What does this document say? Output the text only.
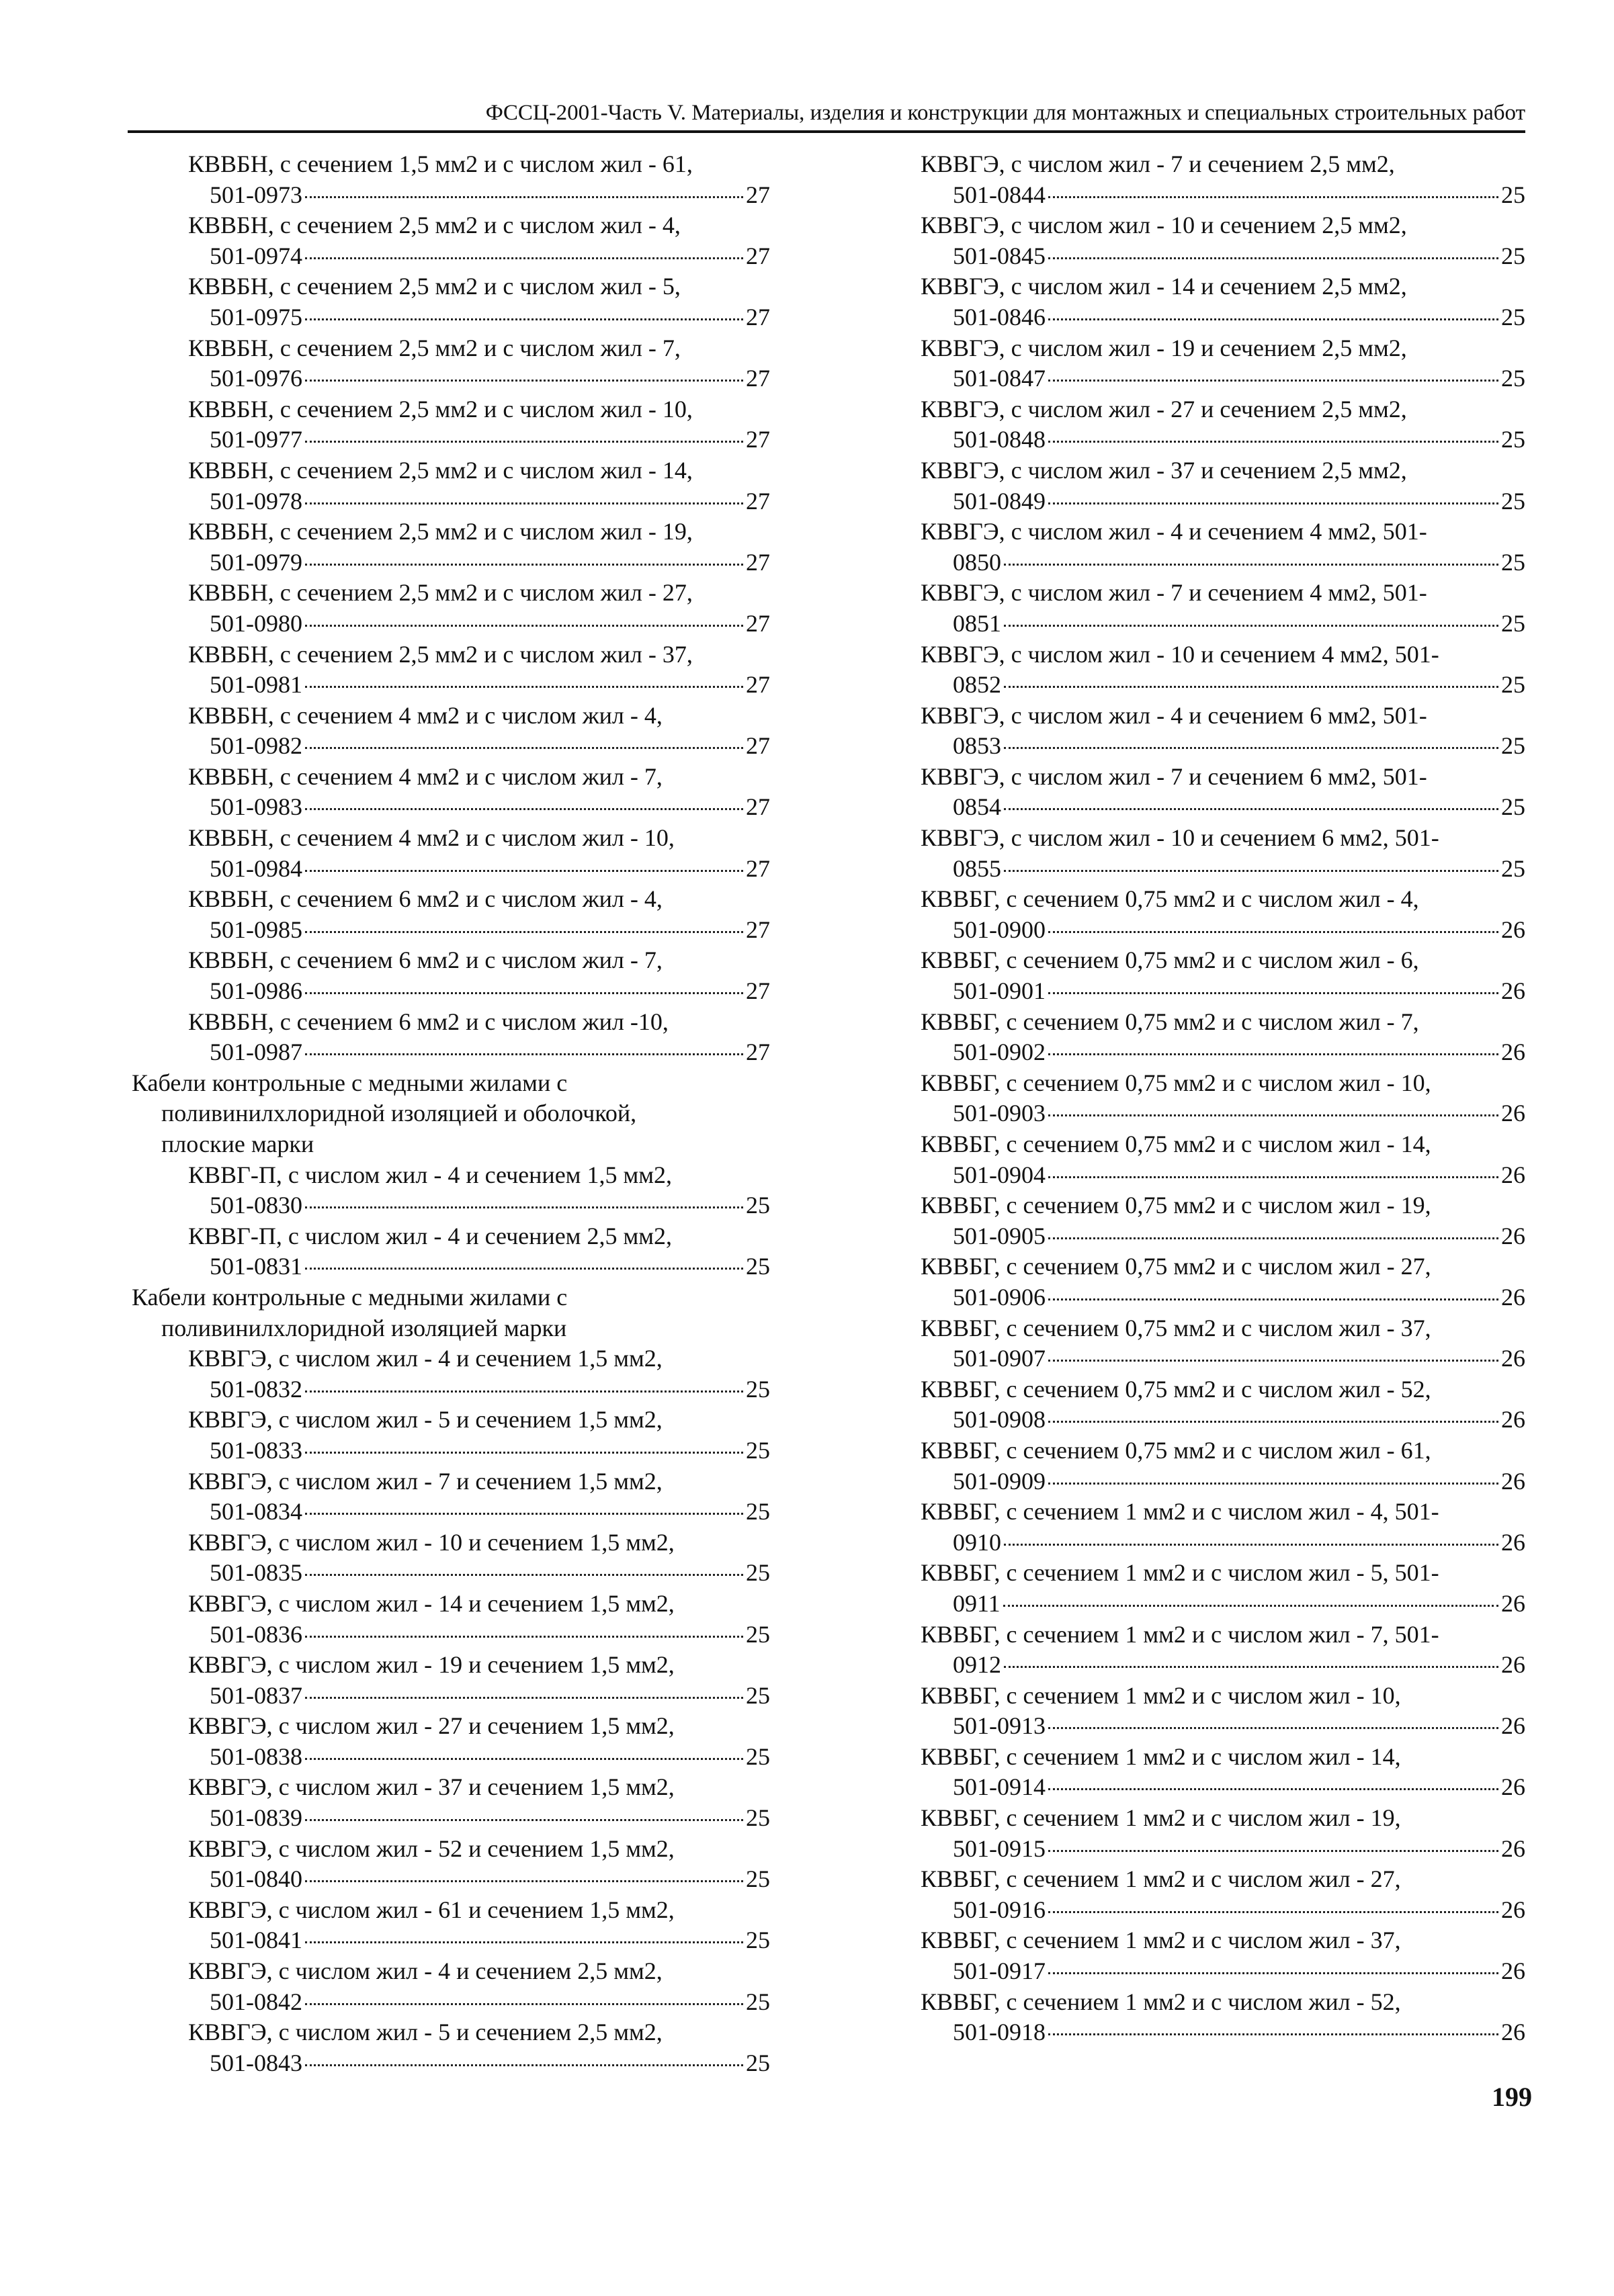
ФССЦ-2001-Часть V. Материалы, изделия и конструкции для монтажных и специальных строительных работ
КВВБН, с сечением 1,5 мм2 и с числом жил - 61,
501-0973	27
КВВБН, с сечением 2,5 мм2 и с числом жил - 4,
501-0974	27
КВВБН, с сечением 2,5 мм2 и с числом жил - 5,
501-0975	27
КВВБН, с сечением 2,5 мм2 и с числом жил - 7,
501-0976	27
КВВБН, с сечением 2,5 мм2 и с числом жил - 10,
501-0977	27
КВВБН, с сечением 2,5 мм2 и с числом жил - 14,
501-0978	27
КВВБН, с сечением 2,5 мм2 и с числом жил - 19,
501-0979	27
КВВБН, с сечением 2,5 мм2 и с числом жил - 27,
501-0980	27
КВВБН, с сечением 2,5 мм2 и с числом жил - 37,
501-0981	27
КВВБН, с сечением 4 мм2 и с числом жил - 4,
501-0982	27
КВВБН, с сечением 4 мм2 и с числом жил - 7,
501-0983	27
КВВБН, с сечением 4 мм2 и с числом жил - 10,
501-0984	27
КВВБН, с сечением 6 мм2 и с числом жил - 4,
501-0985	27
КВВБН, с сечением 6 мм2 и с числом жил - 7,
501-0986	27
КВВБН, с сечением 6 мм2 и с числом жил -10,
501-0987	27
Кабели контрольные с медными жилами с
поливинилхлоридной изоляцией и оболочкой,
плоские марки
КВВГ-П, с числом жил - 4 и сечением 1,5 мм2,
501-0830	25
КВВГ-П, с числом жил - 4 и сечением 2,5 мм2,
501-0831	25
Кабели контрольные с медными жилами с
поливинилхлоридной изоляцией марки
КВВГЭ, с числом жил - 4 и сечением 1,5 мм2,
501-0832	25
КВВГЭ, с числом жил - 5 и сечением 1,5 мм2,
501-0833	25
КВВГЭ, с числом жил - 7 и сечением 1,5 мм2,
501-0834	25
КВВГЭ, с числом жил - 10 и сечением 1,5 мм2,
501-0835	25
КВВГЭ, с числом жил - 14 и сечением 1,5 мм2,
501-0836	25
КВВГЭ, с числом жил - 19 и сечением 1,5 мм2,
501-0837	25
КВВГЭ, с числом жил - 27 и сечением 1,5 мм2,
501-0838	25
КВВГЭ, с числом жил - 37 и сечением 1,5 мм2,
501-0839	25
КВВГЭ, с числом жил - 52 и сечением 1,5 мм2,
501-0840	25
КВВГЭ, с числом жил - 61 и сечением 1,5 мм2,
501-0841	25
КВВГЭ, с числом жил - 4 и сечением 2,5 мм2,
501-0842	25
КВВГЭ, с числом жил - 5 и сечением 2,5 мм2,
501-0843	25
КВВГЭ, с числом жил - 7 и сечением 2,5 мм2,
501-0844	25
КВВГЭ, с числом жил - 10 и сечением 2,5 мм2,
501-0845	25
КВВГЭ, с числом жил - 14 и сечением 2,5 мм2,
501-0846	25
КВВГЭ, с числом жил - 19 и сечением 2,5 мм2,
501-0847	25
КВВГЭ, с числом жил - 27 и сечением 2,5 мм2,
501-0848	25
КВВГЭ, с числом жил - 37 и сечением 2,5 мм2,
501-0849	25
КВВГЭ, с числом жил - 4 и сечением 4 мм2, 501-
0850	25
КВВГЭ, с числом жил - 7 и сечением 4 мм2, 501-
0851	25
КВВГЭ, с числом жил - 10 и сечением 4 мм2, 501-
0852	25
КВВГЭ, с числом жил - 4 и сечением 6 мм2, 501-
0853	25
КВВГЭ, с числом жил - 7 и сечением 6 мм2, 501-
0854	25
КВВГЭ, с числом жил - 10 и сечением 6 мм2, 501-
0855	25
КВВБГ, с сечением 0,75 мм2 и с числом жил - 4,
501-0900	26
КВВБГ, с сечением 0,75 мм2 и с числом жил - 6,
501-0901	26
КВВБГ, с сечением 0,75 мм2 и с числом жил - 7,
501-0902	26
КВВБГ, с сечением 0,75 мм2 и с числом жил - 10,
501-0903	26
КВВБГ, с сечением 0,75 мм2 и с числом жил - 14,
501-0904	26
КВВБГ, с сечением 0,75 мм2 и с числом жил - 19,
501-0905	26
КВВБГ, с сечением 0,75 мм2 и с числом жил - 27,
501-0906	26
КВВБГ, с сечением 0,75 мм2 и с числом жил - 37,
501-0907	26
КВВБГ, с сечением 0,75 мм2 и с числом жил - 52,
501-0908	26
КВВБГ, с сечением 0,75 мм2 и с числом жил - 61,
501-0909	26
КВВБГ, с сечением 1 мм2 и с числом жил - 4, 501-
0910	26
КВВБГ, с сечением 1 мм2 и с числом жил - 5, 501-
0911	26
КВВБГ, с сечением 1 мм2 и с числом жил - 7, 501-
0912	26
КВВБГ, с сечением 1 мм2 и с числом жил - 10,
501-0913	26
КВВБГ, с сечением 1 мм2 и с числом жил - 14,
501-0914	26
КВВБГ, с сечением 1 мм2 и с числом жил - 19,
501-0915	26
КВВБГ, с сечением 1 мм2 и с числом жил - 27,
501-0916	26
КВВБГ, с сечением 1 мм2 и с числом жил - 37,
501-0917	26
КВВБГ, с сечением 1 мм2 и с числом жил - 52,
501-0918	26
199
